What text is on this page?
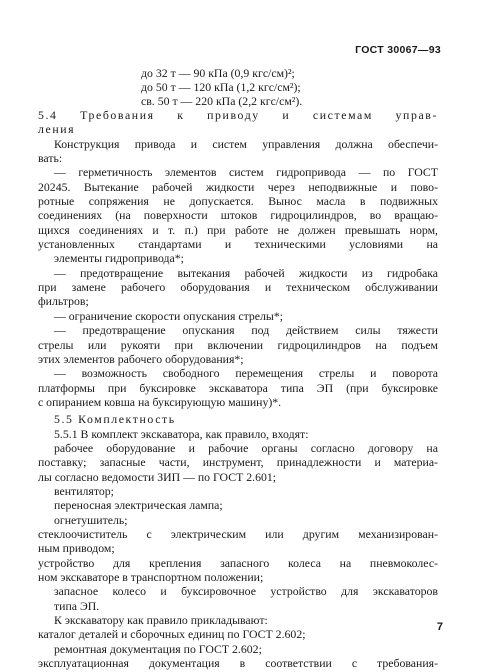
ГОСТ 30067—93
до 32 т — 90 кПа (0,9 кгс/см)²;
до 50 т — 120 кПа (1,2 кгс/см²);
св. 50 т — 220 кПа (2,2 кгс/см²).
5.4 Требования к приводу и системам управ-
ления
Конструкция привода и систем управления должна обеспечи-
вать:
— герметичность элементов систем гидропривода — по ГОСТ
20245. Вытекание рабочей жидкости через неподвижные и пово-
ротные сопряжения не допускается. Вынос масла в подвижных
соединениях (на поверхности штоков гидроцилиндров, во вращаю-
щихся соединениях и т. п.) при работе не должен превышать норм,
установленных стандартами и техническими условиями на
элементы гидропривода*;
— предотвращение вытекания рабочей жидкости из гидробака
при замене рабочего оборудования и техническом обслуживании
фильтров;
— ограничение скорости опускания стрелы*;
— предотвращение опускания под действием силы тяжести
стрелы или рукояти при включении гидроцилиндров на подъем
этих элементов рабочего оборудования*;
— возможность свободного перемещения стрелы и поворота
платформы при буксировке экскаватора типа ЭП (при буксировке
с опиранием ковша на буксирующую машину)*.
5.5 Комплектность
5.5.1 В комплект экскаватора, как правило, входят:
рабочее оборудование и рабочие органы согласно договору на
поставку; запасные части, инструмент, принадлежности и материа-
лы согласно ведомости ЗИП — по ГОСТ 2.601;
вентилятор;
переносная электрическая лампа;
огнетушитель;
стеклоочиститель с электрическим или другим механизирован-
ным приводом;
устройство для крепления запасного колеса на пневмоколес-
ном экскаваторе в транспортном положении;
запасное колесо и буксировочное устройство для экскаваторов
типа ЭП.
К экскаватору как правило прикладывают:
каталог деталей и сборочных единиц по ГОСТ 2.602;
ремонтная документация по ГОСТ 2.602;
эксплуатационная документация в соответствии с требования-
7
